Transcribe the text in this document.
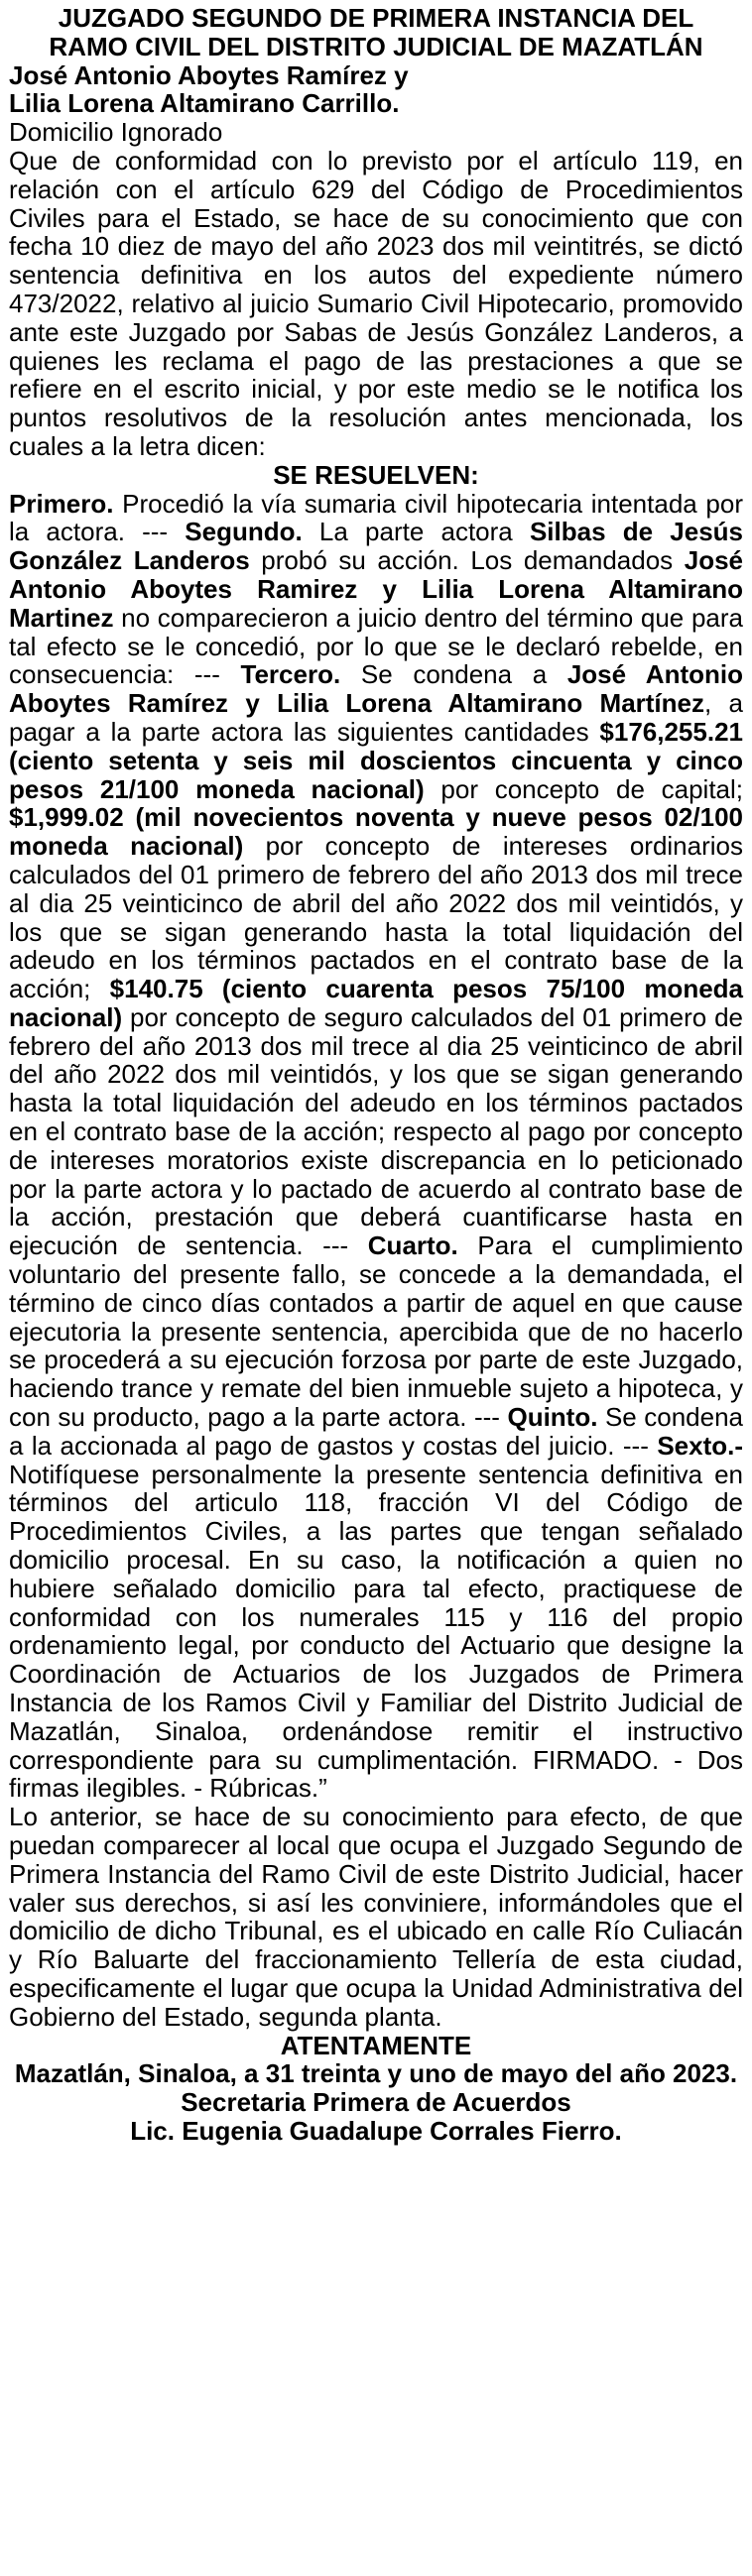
JUZGADO SEGUNDO DE PRIMERA INSTANCIA DEL
RAMO CIVIL DEL DISTRITO JUDICIAL DE MAZATLÁN
José Antonio Aboytes Ramírez y
Lilia Lorena Altamirano Carrillo.
Domicilio Ignorado

Que de conformidad con lo previsto por el artículo 119, en relación con el artículo 629 del Código de Procedimientos Civiles para el Estado, se hace de su conocimiento que con fecha 10 diez de mayo del año 2023 dos mil veintitrés, se dictó sentencia definitiva en los autos del expediente número 473/2022, relativo al juicio Sumario Civil Hipotecario, promovido ante este Juzgado por Sabas de Jesús González Landeros, a quienes les reclama el pago de las prestaciones a que se refiere en el escrito inicial, y por este medio se le notifica los puntos resolutivos de la resolución antes mencionada, los cuales a la letra dicen:

SE RESUELVEN:

Primero. Procedió la vía sumaria civil hipotecaria intentada por la actora. --- Segundo. La parte actora Silbas de Jesús González Landeros probó su acción. Los demandados José Antonio Aboytes Ramirez y Lilia Lorena Altamirano Martinez no comparecieron a juicio dentro del término que para tal efecto se le concedió, por lo que se le declaró rebelde, en consecuencia: --- Tercero. Se condena a José Antonio Aboytes Ramírez y Lilia Lorena Altamirano Martínez, a pagar a la parte actora las siguientes cantidades $176,255.21 (ciento setenta y seis mil doscientos cincuenta y cinco pesos 21/100 moneda nacional) por concepto de capital; $1,999.02 (mil novecientos noventa y nueve pesos 02/100 moneda nacional) por concepto de intereses ordinarios calculados del 01 primero de febrero del año 2013 dos mil trece al dia 25 veinticinco de abril del año 2022 dos mil veintidós, y los que se sigan generando hasta la total liquidación del adeudo en los términos pactados en el contrato base de la acción; $140.75 (ciento cuarenta pesos 75/100 moneda nacional) por concepto de seguro calculados del 01 primero de febrero del año 2013 dos mil trece al dia 25 veinticinco de abril del año 2022 dos mil veintidós, y los que se sigan generando hasta la total liquidación del adeudo en los términos pactados en el contrato base de la acción; respecto al pago por concepto de intereses moratorios existe discrepancia en lo peticionado por la parte actora y lo pactado de acuerdo al contrato base de la acción, prestación que deberá cuantificarse hasta en ejecución de sentencia. --- Cuarto. Para el cumplimiento voluntario del presente fallo, se concede a la demandada, el término de cinco días contados a partir de aquel en que cause ejecutoria la presente sentencia, apercibida que de no hacerlo se procederá a su ejecución forzosa por parte de este Juzgado, haciendo trance y remate del bien inmueble sujeto a hipoteca, y con su producto, pago a la parte actora. --- Quinto. Se condena a la accionada al pago de gastos y costas del juicio. --- Sexto.- Notifíquese personalmente la presente sentencia definitiva en términos del articulo 118, fracción VI del Código de Procedimientos Civiles, a las partes que tengan señalado domicilio procesal. En su caso, la notificación a quien no hubiere señalado domicilio para tal efecto, practiquese de conformidad con los numerales 115 y 116 del propio ordenamiento legal, por conducto del Actuario que designe la Coordinación de Actuarios de los Juzgados de Primera Instancia de los Ramos Civil y Familiar del Distrito Judicial de Mazatlán, Sinaloa, ordenándose remitir el instructivo correspondiente para su cumplimentación. FIRMADO. - Dos firmas ilegibles. - Rúbricas.”

Lo anterior, se hace de su conocimiento para efecto, de que puedan comparecer al local que ocupa el Juzgado Segundo de Primera Instancia del Ramo Civil de este Distrito Judicial, hacer valer sus derechos, si así les conviniere, informándoles que el domicilio de dicho Tribunal, es el ubicado en calle Río Culiacán y Río Baluarte del fraccionamiento Tellería de esta ciudad, especificamente el lugar que ocupa la Unidad Administrativa del Gobierno del Estado, segunda planta.

ATENTAMENTE
Mazatlán, Sinaloa, a 31 treinta y uno de mayo del año 2023.
Secretaria Primera de Acuerdos
Lic. Eugenia Guadalupe Corrales Fierro.
